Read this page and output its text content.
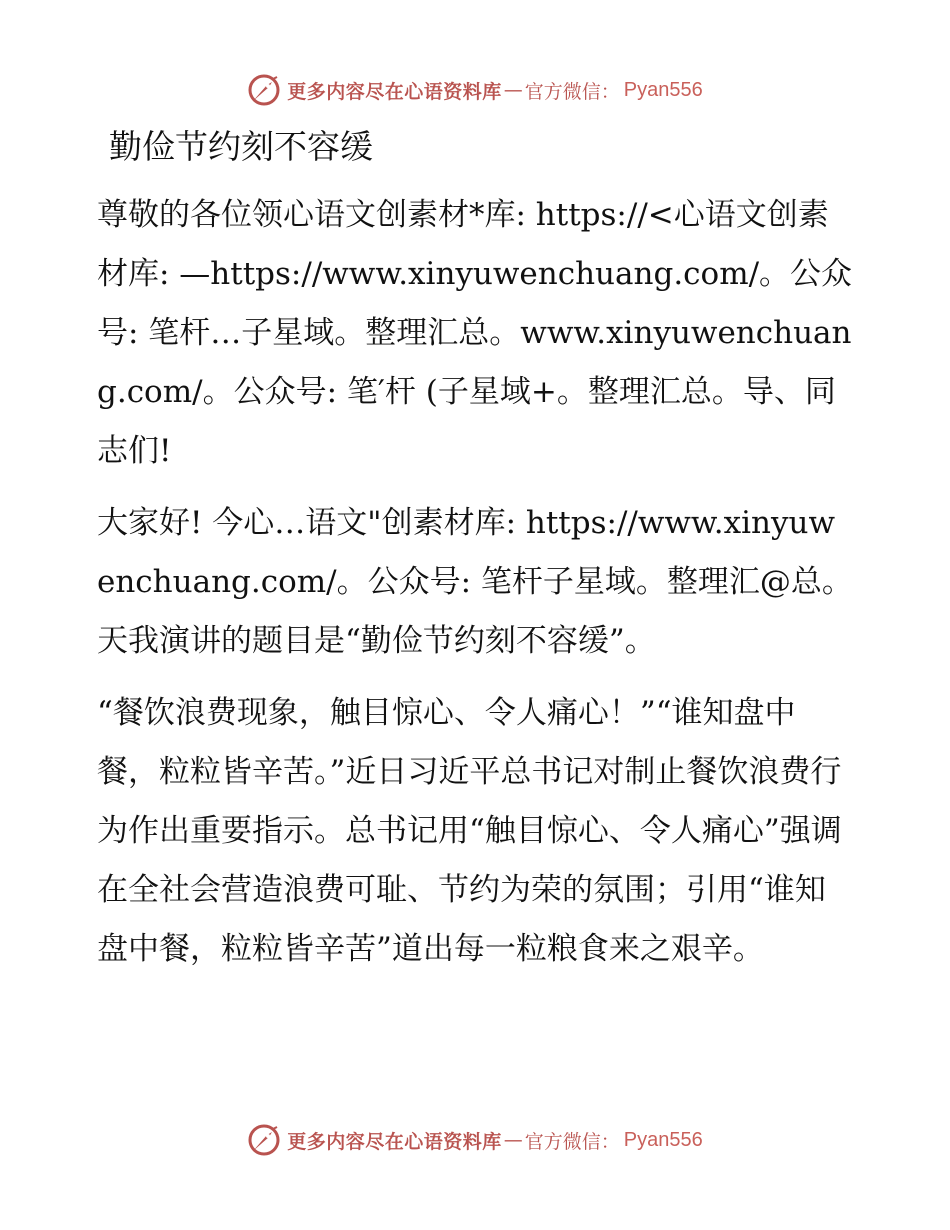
更多内容尽在心语资料库 — 官方微信： Pyan556
勤俭节约刻不容缓

尊敬的各位领心语文创素材*库: https://<心语文创素材库: —https://www.xinyuwenchuang.com/。公众号: 笔杆…子星域。整理汇总。www.xinyuwenchuang.com/。公众号: 笔′杆 (子星域+。整理汇总。导、同志们!

大家好! 今心…语文"创素材库: https://www.xinyuwenchuang.com/。公众号: 笔杆子星域。整理汇@总。天我演讲的题目是“勤俭节约刻不容缓”。

“餐饮浪费现象，触目惊心、令人痛心！”“谁知盘中餐，粒粒皆辛苦。”近日习近平总书记对制止餐饮浪费行为作出重要指示。总书记用“触目惊心、令人痛心”强调在全社会营造浪费可耻、节约为荣的氛围；引用“谁知盘中餐，粒粒皆辛苦”道出每一粒粮食来之艰辛。

更多内容尽在心语资料库 — 官方微信： Pyan556
